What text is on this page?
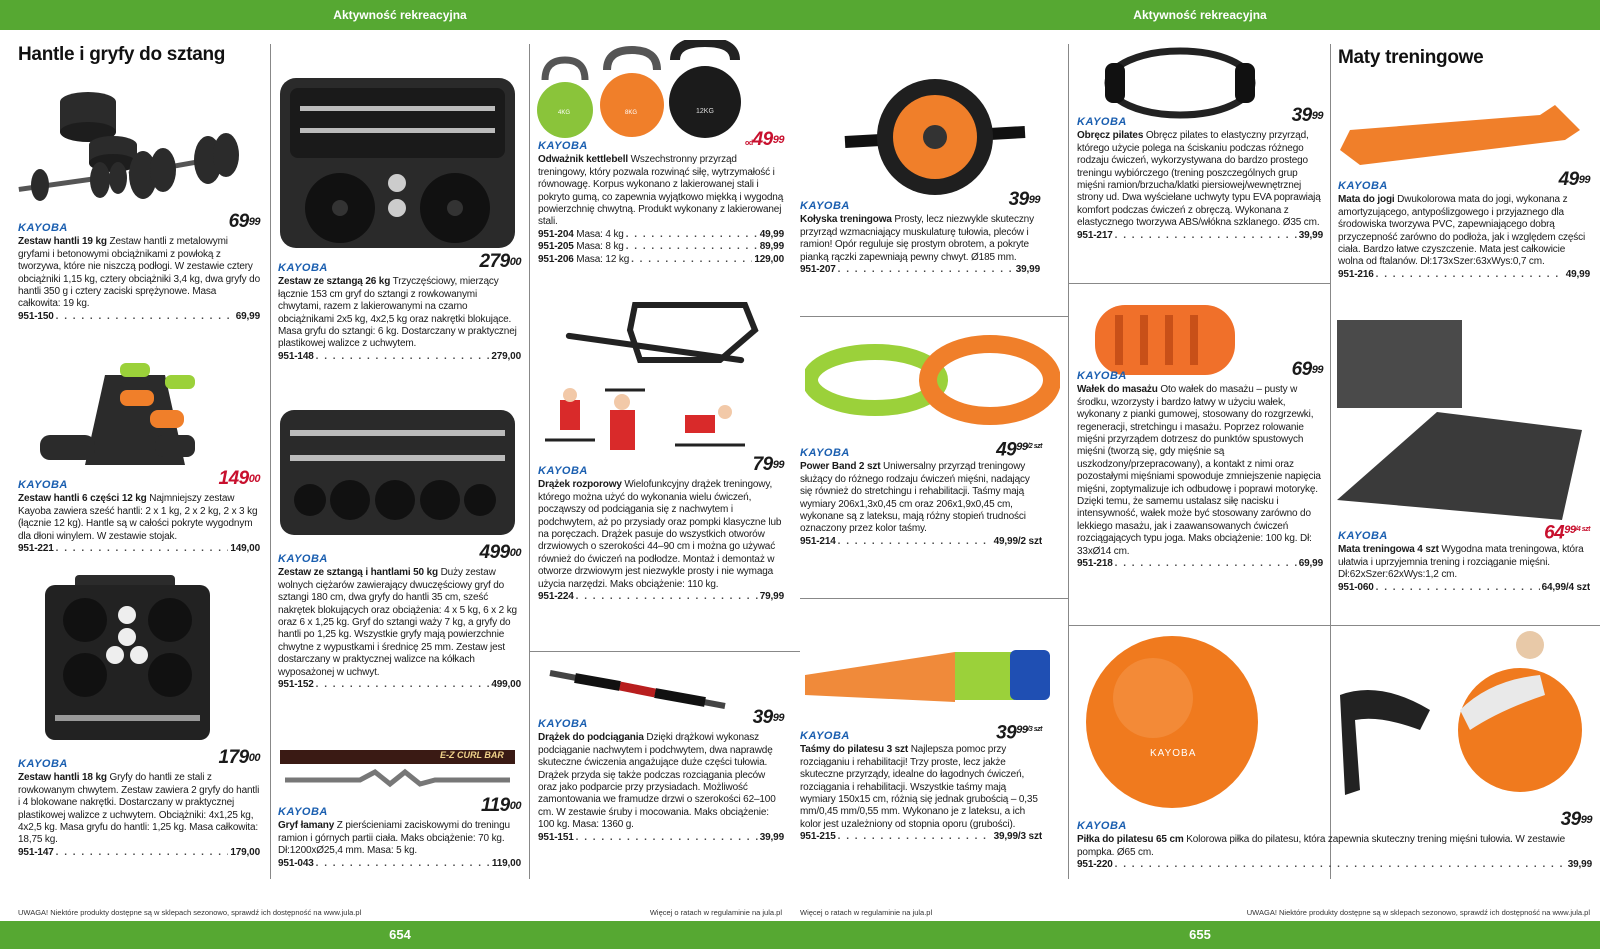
Aktywność rekreacyjna
Hantle i gryfy do sztang
E-Z CURL BAR
4KG	8KG	12KG
$69^{99}$
KAYOBA
Zestaw hantli 19 kg Zestaw hantli z metalowymi gryfami i betonowymi obciążnikami z powłoką z tworzywa, które nie niszczą podłogi. W zestawie cztery obciążniki 1,15 kg, cztery obciążniki 3,4 kg, dwa gryfy do hantli 350 g i cztery zaciski sprężynowe. Masa całkowita: 19 kg.
951-150 . . .	69,99
$149^{00}$
KAYOBA
Zestaw hantli 6 części 12 kg Najmniejszy zestaw Kayoba zawiera sześć hantli: 2 x 1 kg, 2 x 2 kg, 2 x 3 kg (łącznie 12 kg). Hantle są w całości pokryte wygodnym dla dłoni winylem. W zestawie stojak.
951-221 . . .	149,00
$179^{00}$
KAYOBA
Zestaw hantli 18 kg Gryfy do hantli ze stali z rowkowanym chwytem. Zestaw zawiera 2 gryfy do hantli i 4 blokowane nakrętki. Dostarczany w praktycznej plastikowej walizce z uchwytem. Obciążniki: 4x1,25 kg, 4x2,5 kg. Masa gryfu do hantli: 1,25 kg. Masa całkowita: 18,75 kg.
951-147 . . .	179,00
$279^{00}$
KAYOBA
Zestaw ze sztangą 26 kg Trzyczęściowy, mierzący łącznie 153 cm gryf do sztangi z rowkowanymi chwytami, razem z lakierowanymi na czarno obciążnikami 2x5 kg, 4x2,5 kg oraz nakrętki blokujące. Masa gryfu do sztangi: 6 kg. Dostarczany w praktycznej plastikowej walizce z uchwytem.
951-148 . . .	279,00
$499^{00}$
KAYOBA
Zestaw ze sztangą i hantlami 50 kg Duży zestaw wolnych ciężarów zawierający dwuczęściowy gryf do sztangi 180 cm, dwa gryfy do hantli 35 cm, sześć nakrętek blokujących oraz obciążenia: 4 x 5 kg, 6 x 2 kg oraz 6 x 1,25 kg. Gryf do sztangi waży 7 kg, a gryfy do hantli po 1,25 kg. Wszystkie gryfy mają powierzchnie chwytne z wypustkami i średnicę 25 mm. Zestaw jest dostarczany w praktycznej walizce na kółkach wyposażonej w uchwyt.
951-152 . . .	499,00
$119^{00}$
KAYOBA
Gryf łamany Z pierścieniami zaciskowymi do treningu ramion i górnych partii ciała. Maks obciążenie: 70 kg. Dł:1200xØ25,4 mm. Masa: 5 kg.
951-043 . . .	119,00
$od49^{99}$
KAYOBA
Odważnik kettlebell Wszechstronny przyrząd treningowy, który pozwala rozwinąć siłę, wytrzymałość i równowagę. Korpus wykonano z lakierowanej stali i pokryto gumą, co zapewnia wyjątkowo miękką i wygodną powierzchnię chwytną. Produkt wykonany z lakierowanej stali.
951-204 Masa: 4 kg . . .	49,99
951-205 Masa: 8 kg . . .	89,99
951-206 Masa: 12 kg . . .	129,00
$79^{99}$
KAYOBA
Drążek rozporowy Wielofunkcyjny drążek treningowy, którego można użyć do wykonania wielu ćwiczeń, począwszy od podciągania się z nachwytem i podchwytem, aż po przysiady oraz pompki klasyczne lub na poręczach. Drążek pasuje do wszystkich otworów drzwiowych o szerokości 44–90 cm i można go używać również do ćwiczeń na podłodze. Montaż i demontaż w otworze drzwiowym jest niezwykle prosty i nie wymaga użycia narzędzi. Maks obciążenie: 110 kg.
951-224 . . .	79,99
$39^{99}$
KAYOBA
Drążek do podciągania Dzięki drążkowi wykonasz podciąganie nachwytem i podchwytem, dwa naprawdę skuteczne ćwiczenia angażujące duże części tułowia. Drążek przyda się także podczas rozciągania pleców oraz jako podparcie przy przysiadach. Możliwość zamontowania we framudze drzwi o szerokości 62–100 cm. W zestawie śruby i mocowania. Maks obciążenie: 100 kg. Masa: 1360 g.
951-151 . . .	39,99
UWAGA! Niektóre produkty dostępne są w sklepach sezonowo, sprawdź ich dostępność na www.jula.pl	Więcej o ratach w regulaminie na jula.pl
654
Aktywność rekreacyjna
Maty treningowe
KAYOBA
$39^{99}$
KAYOBA
Kołyska treningowa Prosty, lecz niezwykle skuteczny przyrząd wzmacniający muskulaturę tułowia, pleców i ramion! Opór reguluje się prostym obrotem, a pokryte pianką rączki zapewniają pewny chwyt. Ø185 mm.
951-207 . . .	39,99
$49^{99/2 szt}$
KAYOBA
Power Band 2 szt Uniwersalny przyrząd treningowy służący do różnego rodzaju ćwiczeń mięśni, nadający się również do stretchingu i rehabilitacji. Taśmy mają wymiary 206x1,3x0,45 cm oraz 206x1,9x0,45 cm, wykonane są z lateksu, mają różny stopień trudności oznaczony przez kolor taśmy.
951-214 . . .	49,99/2 szt
$39^{99/3 szt}$
KAYOBA
Taśmy do pilatesu 3 szt Najlepsza pomoc przy rozciąganiu i rehabilitacji! Trzy proste, lecz jakże skuteczne przyrządy, idealne do łagodnych ćwiczeń, rozciągania i rehabilitacji. Wszystkie taśmy mają wymiary 150x15 cm, różnią się jednak grubością – 0,35 mm/0,45 mm/0,55 mm. Wykonano je z lateksu, a ich kolor jest uzależniony od stopnia oporu (grubości).
951-215 . . .	39,99/3 szt
$39^{99}$
KAYOBA
Obręcz pilates Obręcz pilates to elastyczny przyrząd, którego użycie polega na ściskaniu podczas różnego rodzaju ćwiczeń, wykorzystywana do bardzo prostego treningu wybiórczego (trening poszczególnych grup mięśni ramion/brzucha/klatki piersiowej/wewnętrznej strony ud. Dwa wyściełane uchwyty typu EVA poprawiają komfort podczas ćwiczeń z obręczą. Wykonana z elastycznego tworzywa ABS/włókna szklanego. Ø35 cm.
951-217 . . .	39,99
$69^{99}$
KAYOBA
Wałek do masażu Oto wałek do masażu – pusty w środku, wzorzysty i bardzo łatwy w użyciu wałek, wykonany z pianki gumowej, stosowany do rozgrzewki, regeneracji, stretchingu i masażu. Poprzez rolowanie mięśni przyrządem dotrzesz do punktów spustowych mięśni (tworzą się, gdy mięśnie są uszkodzony/przepracowany), a kontakt z nimi oraz pozostałymi mięśniami spowoduje zmniejszenie napięcia mięśni, zoptymalizuje ich odbudowę i poprawi motorykę. Dzięki temu, że samemu ustalasz siłę nacisku i intensywność, wałek może być stosowany zarówno do lekkiego masażu, jak i zaawansowanych ćwiczeń rozciągających typu joga. Maks obciążenie: 100 kg. Dł: 33xØ14 cm.
951-218 . . .	69,99
$39^{99}$
KAYOBA
Piłka do pilatesu 65 cm Kolorowa piłka do pilatesu, która zapewnia skuteczny trening mięśni tułowia. W zestawie pompka. Ø65 cm.
951-220 . . .	39,99
$49^{99}$
KAYOBA
Mata do jogi Dwukolorowa mata do jogi, wykonana z amortyzującego, antypoślizgowego i przyjaznego dla środowiska tworzywa PVC, zapewniającego dobrą przyczepność zarówno do podłoża, jak i względem części ciała. Bardzo łatwe czyszczenie. Mata jest całkowicie wolna od ftalanów. Dł:173xSzer:63xWys:0,7 cm.
951-216 . . .	49,99
$64^{99/4 szt}$
KAYOBA
Mata treningowa 4 szt Wygodna mata treningowa, która ułatwia i uprzyjemnia trening i rozciąganie mięśni. Dł:62xSzer:62xWys:1,2 cm.
951-060 . . .	64,99/4 szt
Więcej o ratach w regulaminie na jula.pl	UWAGA! Niektóre produkty dostępne są w sklepach sezonowo, sprawdź ich dostępność na www.jula.pl
655
